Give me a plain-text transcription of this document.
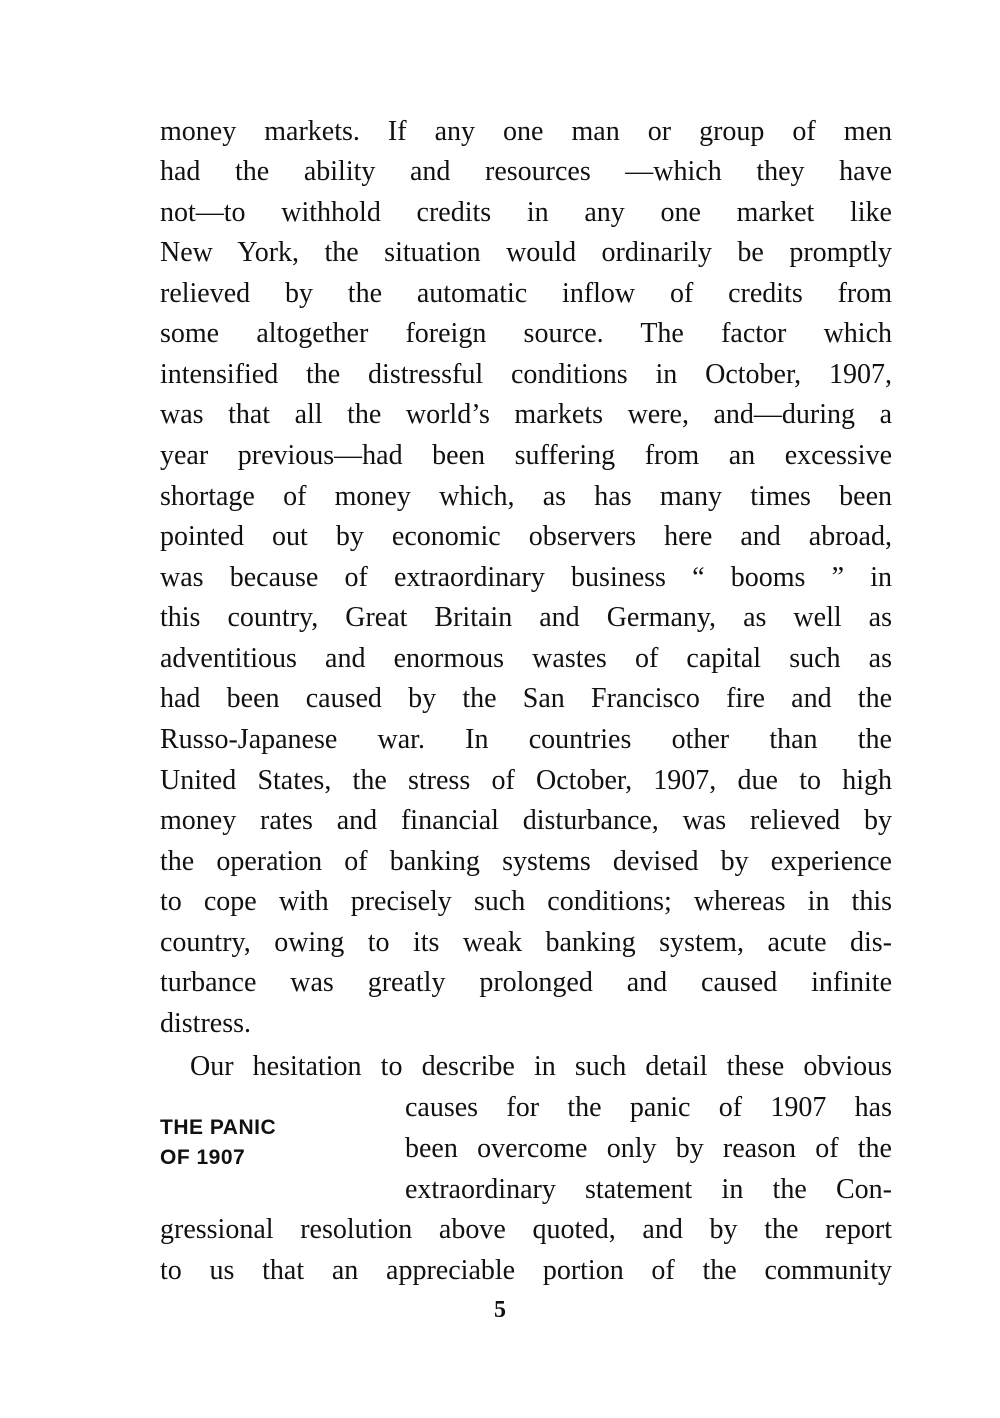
money markets. If any one man or group of men
had the ability and resources —which they have
not—to withhold credits in any one market like
New York, the situation would ordinarily be promptly
relieved by the automatic inflow of credits from
some altogether foreign source. The factor which
intensified the distressful conditions in October, 1907,
was that all the world’s markets were, and—during a
year previous—had been suffering from an excessive
shortage of money which, as has many times been
pointed out by economic observers here and abroad,
was because of extraordinary business “ booms ” in
this country, Great Britain and Germany, as well as
adventitious and enormous wastes of capital such as
had been caused by the San Francisco fire and the
Russo-Japanese war. In countries other than the
United States, the stress of October, 1907, due to high
money rates and financial disturbance, was relieved by
the operation of banking systems devised by experience
to cope with precisely such conditions; whereas in this
country, owing to its weak banking system, acute dis-
turbance was greatly prolonged and caused infinite
distress.
Our hesitation to describe in such detail these obvious
causes for the panic of 1907 has
been overcome only by reason of the
extraordinary statement in the Con-
gressional resolution above quoted, and by the report
to us that an appreciable portion of the community
THE PANIC
OF 1907
5
